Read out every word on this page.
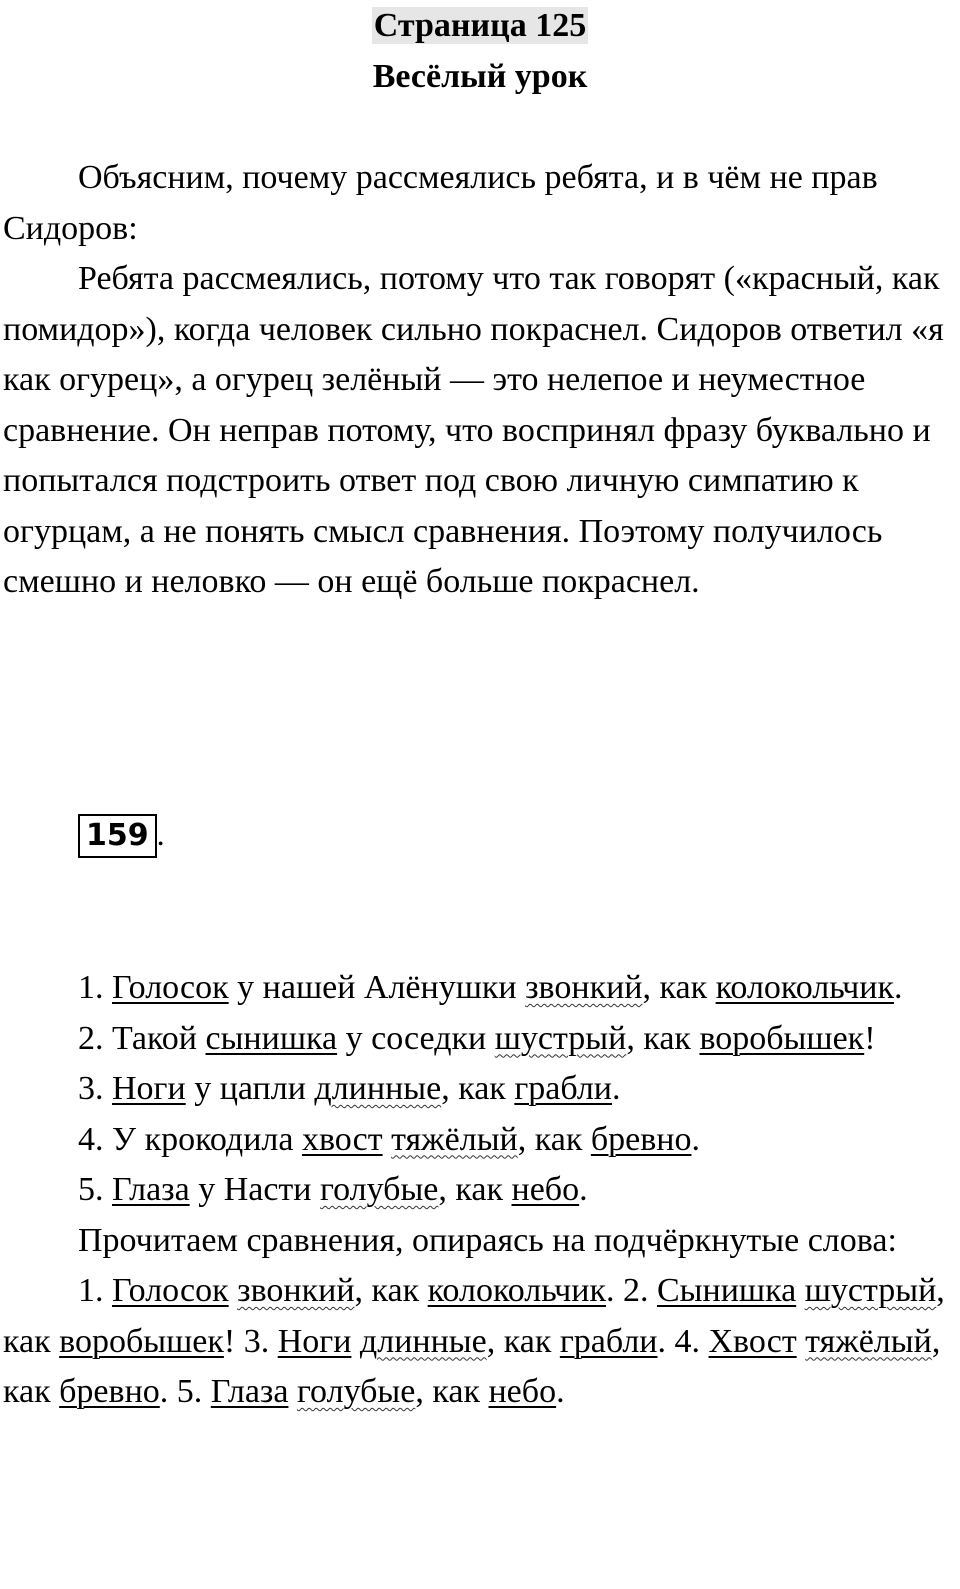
Страница 125
Весёлый урок

Объясним, почему рассмеялись ребята, и в чём не прав Сидоров:

Ребята рассмеялись, потому что так говорят («красный, как помидор»), когда человек сильно покраснел. Сидоров ответил «я как огурец», а огурец зелёный — это нелепое и неуместное сравнение. Он неправ потому, что воспринял фразу буквально и попытался подстроить ответ под свою личную симпатию к огурцам, а не понять смысл сравнения. Поэтому получилось смешно и неловко — он ещё больше покраснел.

159 .

1. Голосок у нашей Алёнушки звонкий, как колокольчик.

2. Такой сынишка у соседки шустрый, как воробышек!

3. Ноги у цапли длинные, как грабли.

4. У крокодила хвост тяжёлый, как бревно.

5. Глаза у Насти голубые, как небо.

Прочитаем сравнения, опираясь на подчёркнутые слова:

1. Голосок звонкий, как колокольчик. 2. Сынишка шустрый, как воробышек! 3. Ноги длинные, как грабли. 4. Хвост тяжёлый, как бревно. 5. Глаза голубые, как небо.
